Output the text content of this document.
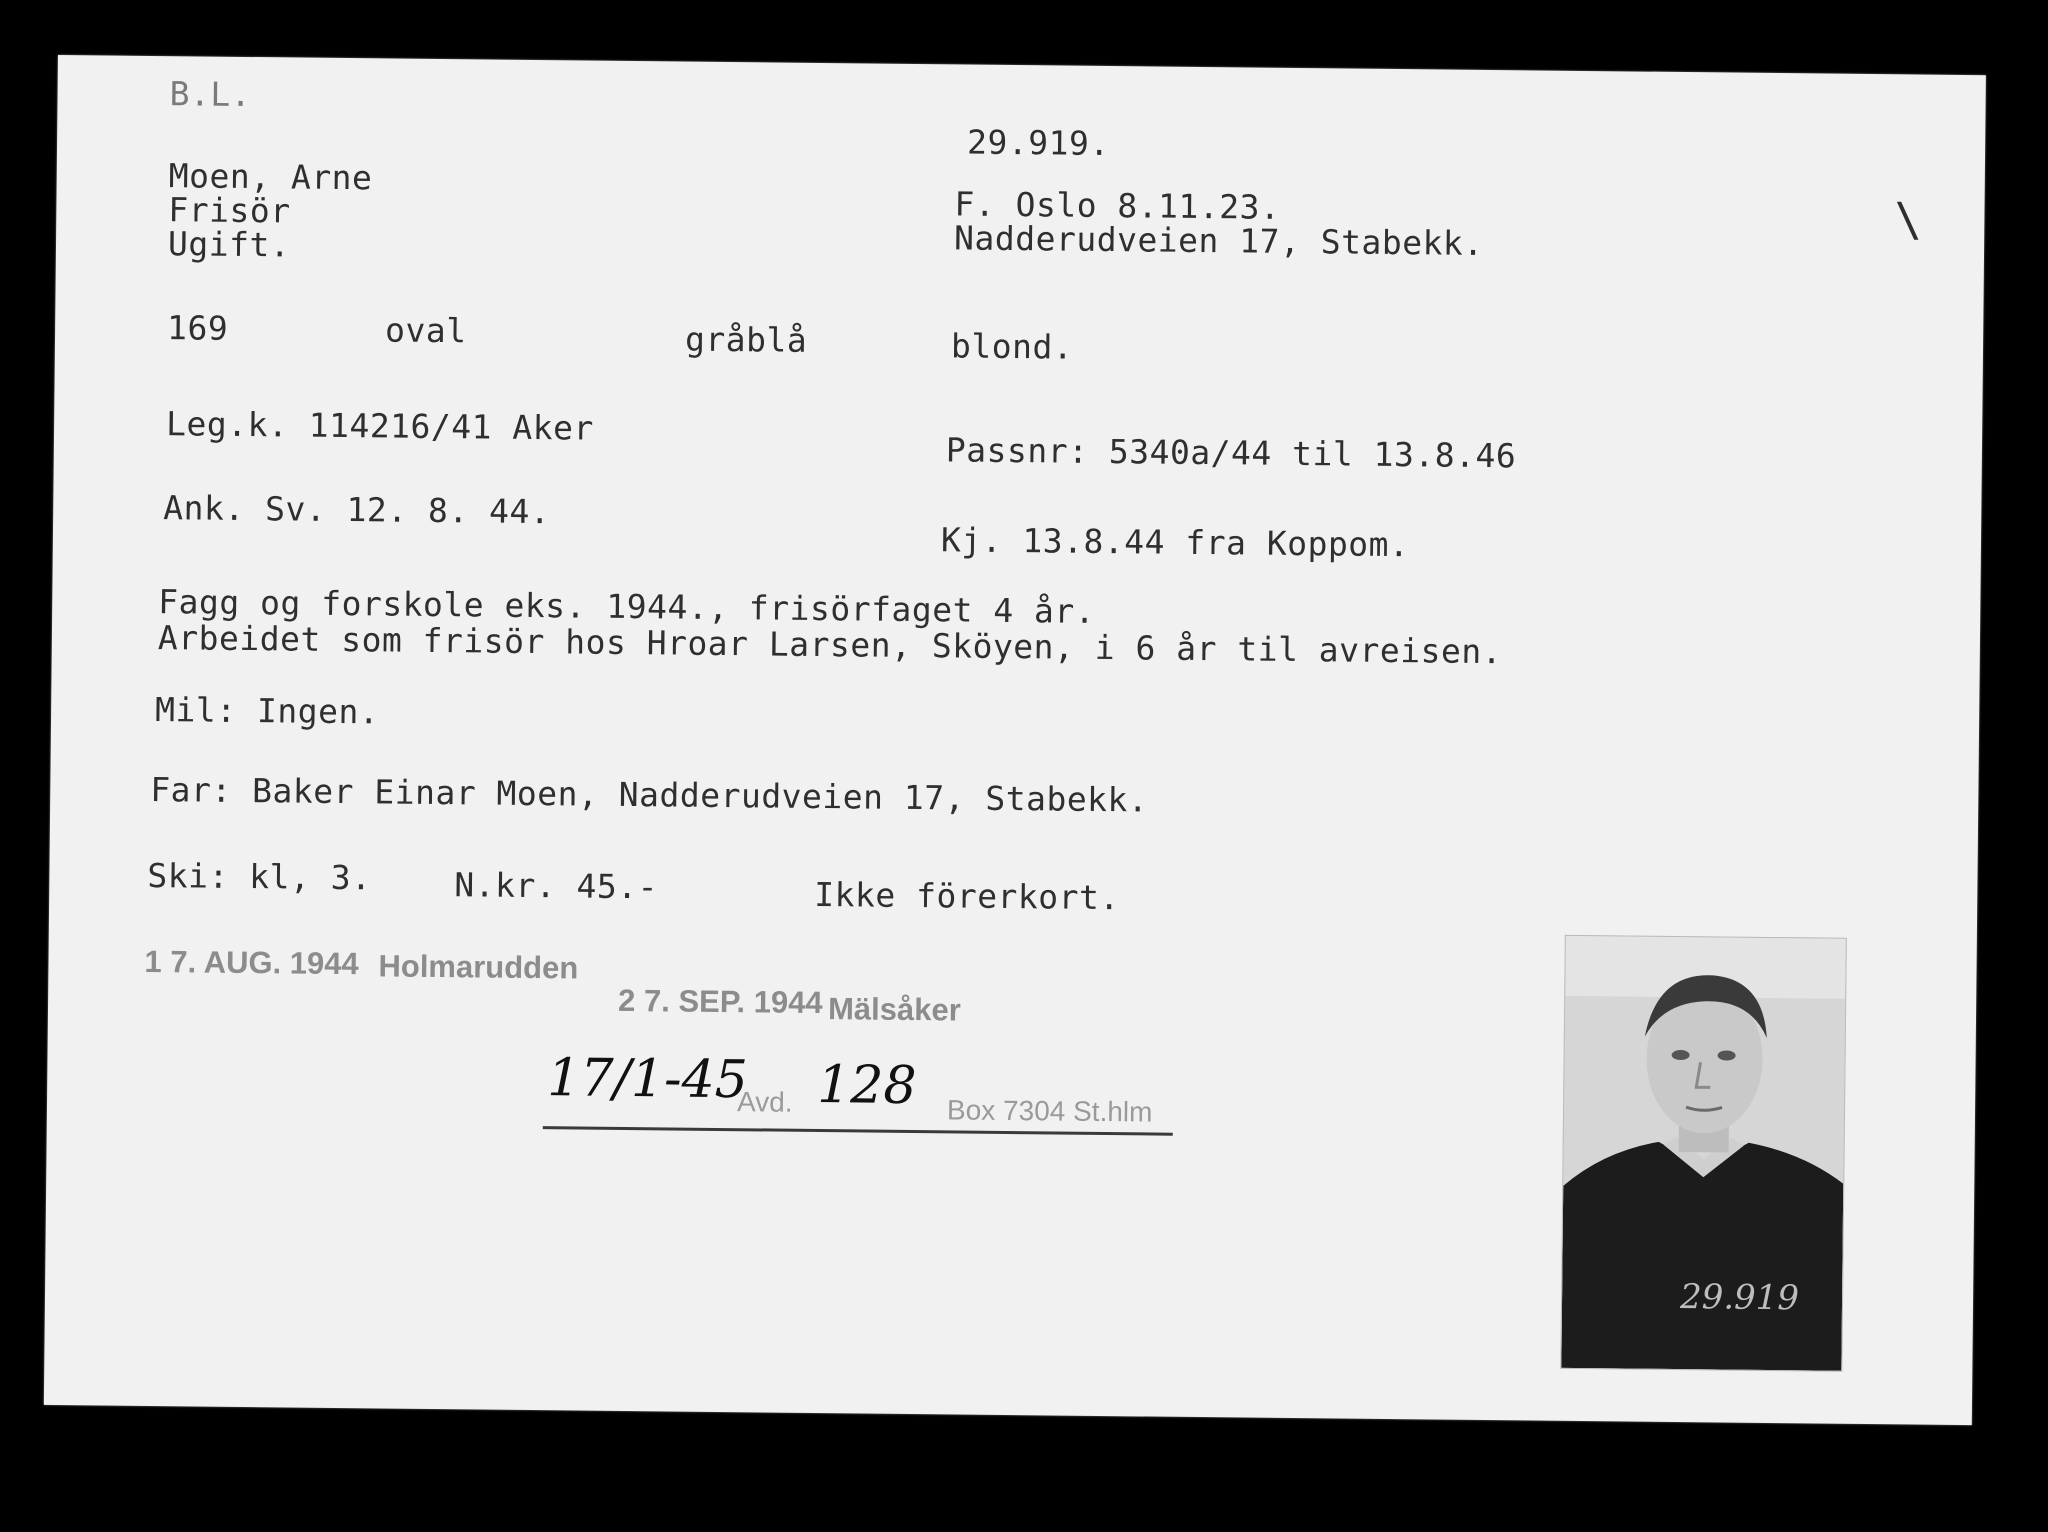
B.L.
29.919.
Moen, Arne
Frisör
Ugift.
F. Oslo 8.11.23.
Nadderudveien 17, Stabekk.	\
169	oval	gråblå	blond.
Leg.k. 114216/41 Aker
Passnr: 5340a/44 til 13.8.46
Ank. Sv. 12. 8. 44.
Kj. 13.8.44 fra Koppom.
Fagg og forskole eks. 1944., frisörfaget 4 år.
Arbeidet som frisör hos Hroar Larsen, Sköyen, i 6 år til avreisen.
Mil: Ingen.
Far: Baker Einar Moen, Nadderudveien 17, Stabekk.
Ski: kl, 3. N.kr. 45.-	Ikke förerkort.
1 7. AUG. 1944 Holmarudden
2 7. SEP. 1944 Mälsåker
17/1-45
Avd. 128 Box 7304 St.hlm
29.919
